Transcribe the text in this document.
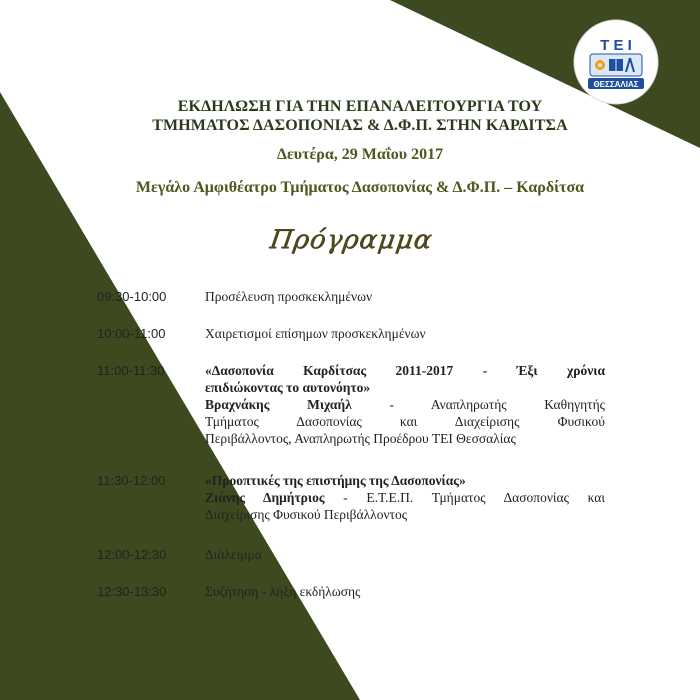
Τ Ε Ι
ΘΕΣΣΑΛΙΑΣ
ΕΚΔΗΛΩΣΗ ΓΙΑ ΤΗΝ ΕΠΑΝΑΛΕΙΤΟΥΡΓΙΑ ΤΟΥ
ΤΜΗΜΑΤΟΣ ΔΑΣΟΠΟΝΙΑΣ & Δ.Φ.Π. ΣΤΗΝ ΚΑΡΔΙΤΣΑ
Δευτέρα, 29 Μαΐου 2017
Μεγάλο Αμφιθέατρο Τμήματος Δασοπονίας & Δ.Φ.Π. – Καρδίτσα
Πρόγραμμα
09:30-10:00	Προσέλευση προσκεκλημένων
10:00-11:00	Χαιρετισμοί επίσημων προσκεκλημένων
11:00-11:30	«Δασοπονία Καρδίτσας 2011-2017 - Έξι χρόνια
επιδιώκοντας το αυτονόητο»
Βραχνάκης Μιχαήλ - Αναπληρωτής Καθηγητής
Τμήματος Δασοπονίας και Διαχείρισης Φυσικού
Περιβάλλοντος, Αναπληρωτής Προέδρου ΤΕΙ Θεσσαλίας
11:30-12:00	«Προοπτικές της επιστήμης της Δασοπονίας»
Ζιάνης Δημήτριος - Ε.Τ.Ε.Π. Τμήματος Δασοπονίας και
Διαχείρισης Φυσικού Περιβάλλοντος
12:00-12:30	Διάλειμμα
12:30-13:30	Συζήτηση - λήξη εκδήλωσης
